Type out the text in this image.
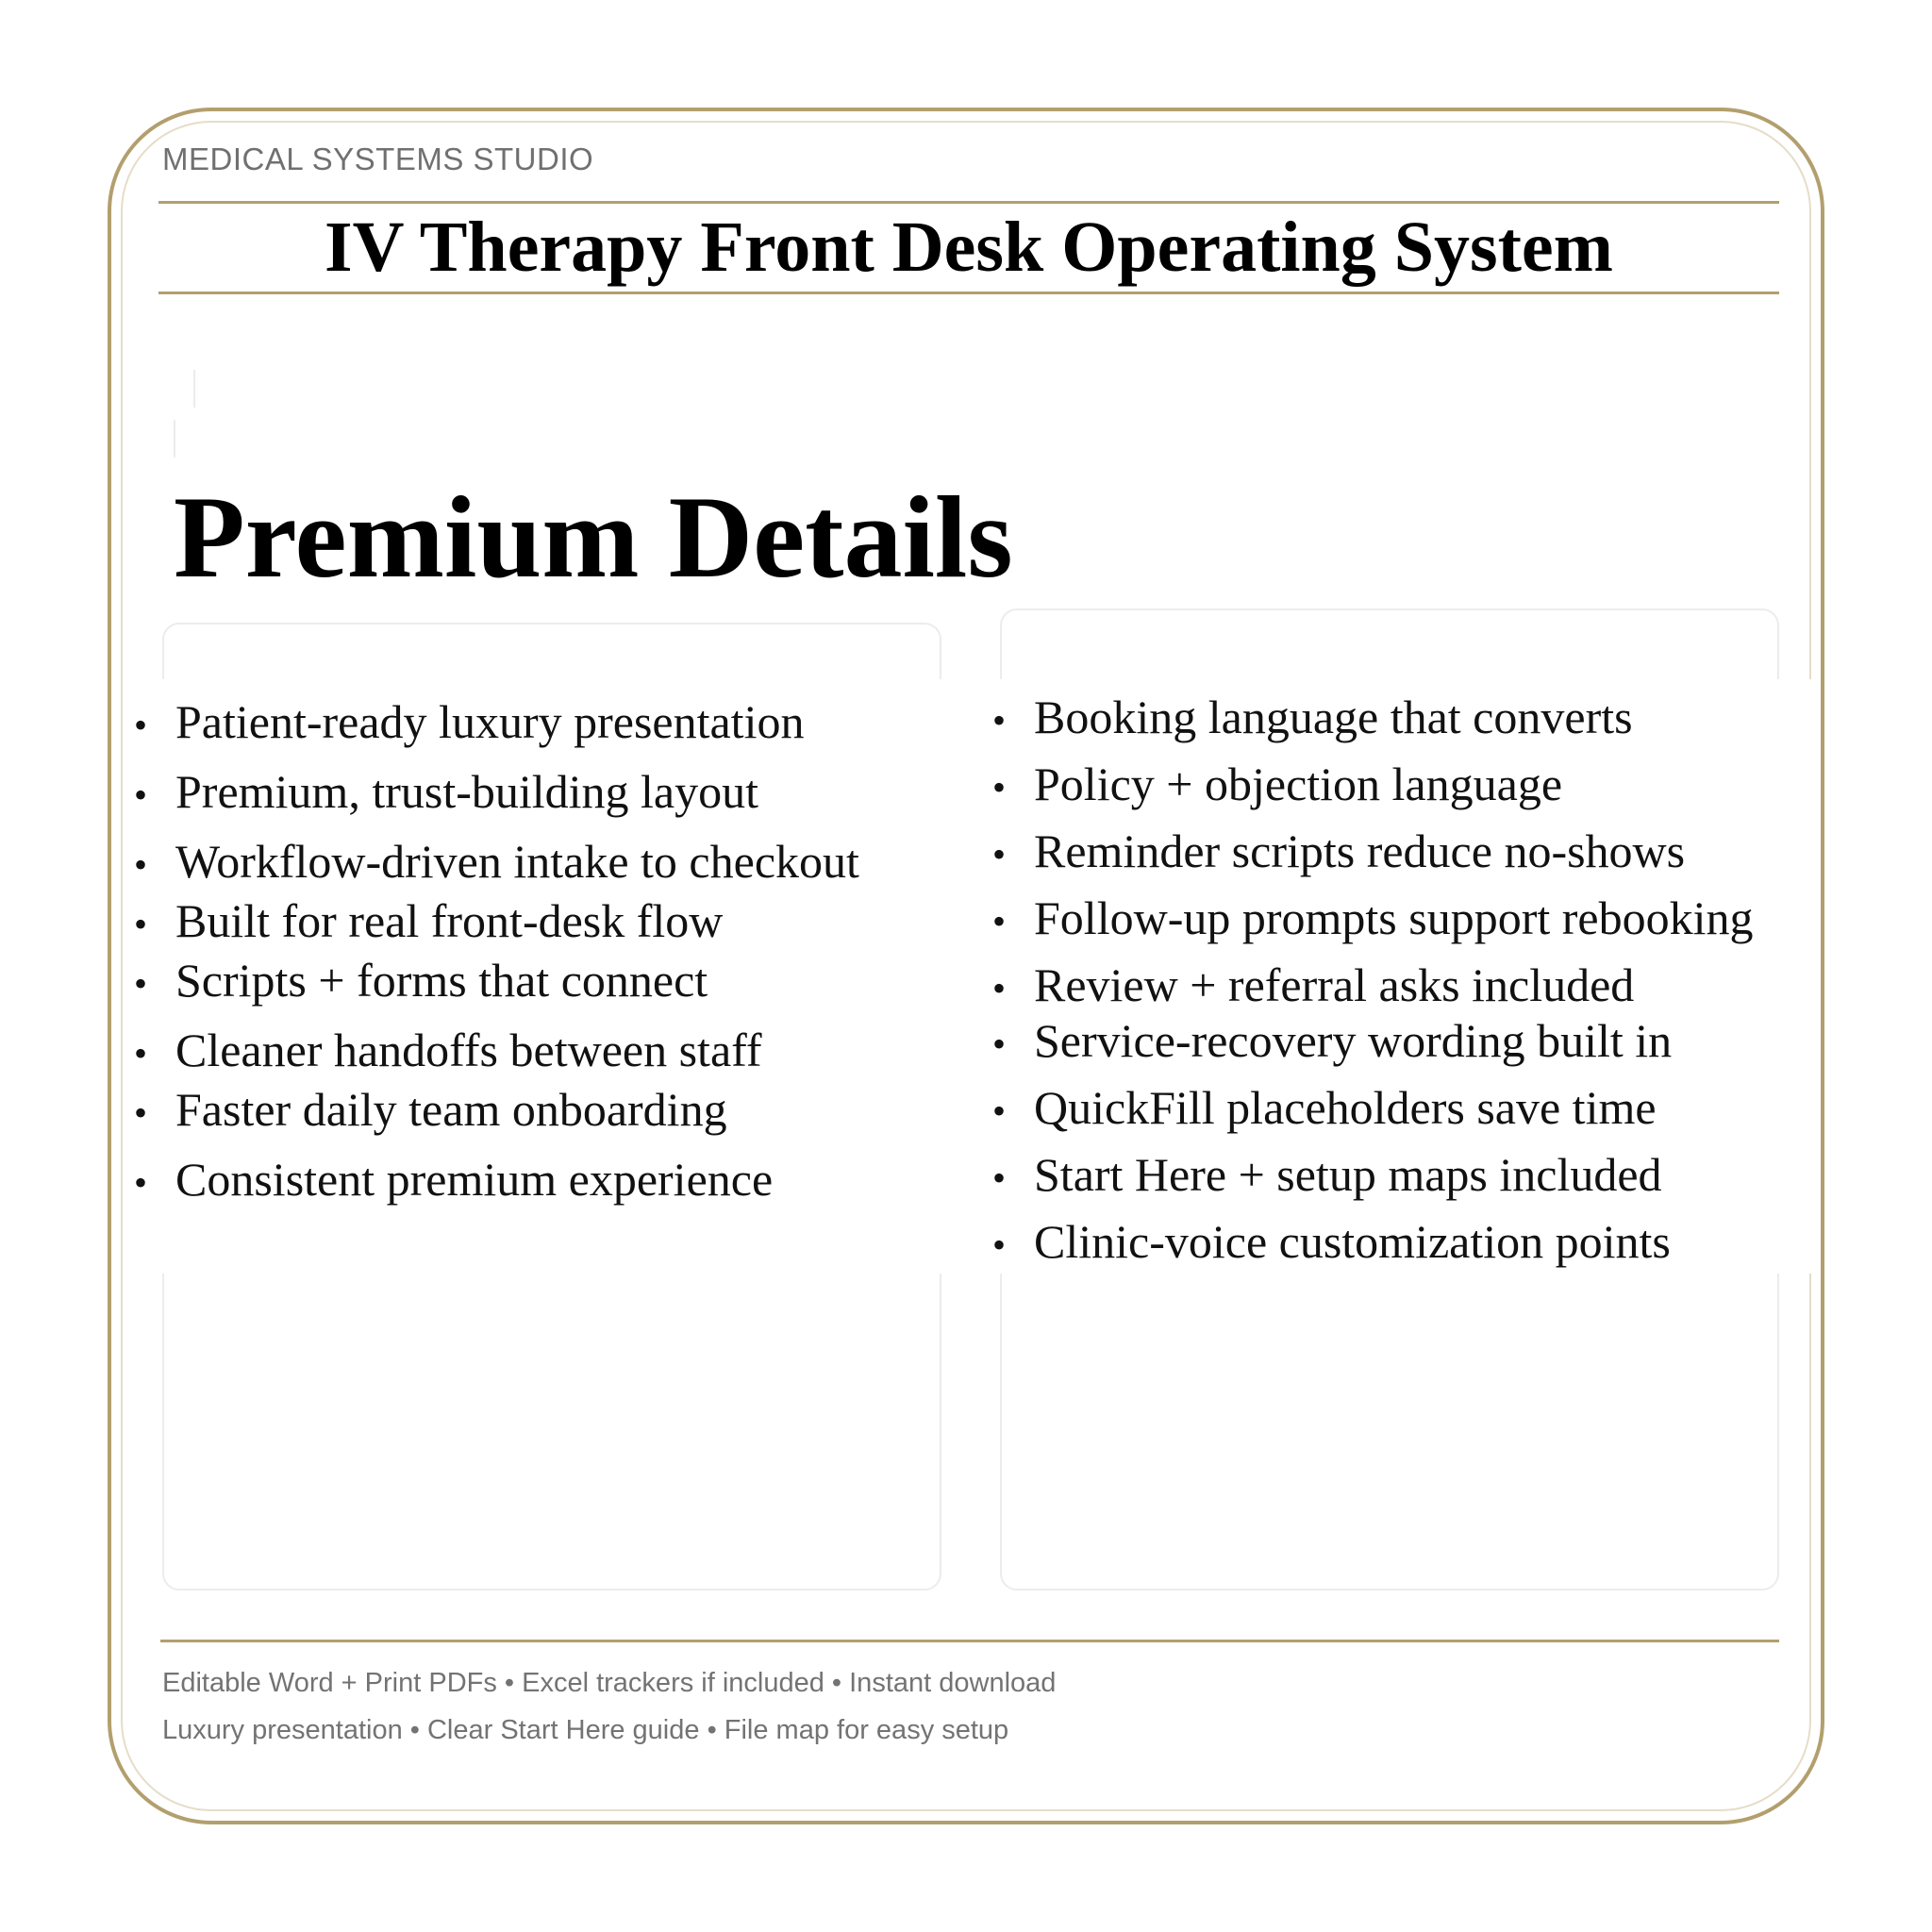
MEDICAL SYSTEMS STUDIO
IV Therapy Front Desk Operating System
Premium Details
• Patient-ready luxury presentation
• Premium, trust-building layout
• Workflow-driven intake to checkout
• Built for real front-desk flow
• Scripts + forms that connect
• Cleaner handoffs between staff
• Faster daily team onboarding
• Consistent premium experience
• Booking language that converts
• Policy + objection language
• Reminder scripts reduce no-shows
• Follow-up prompts support rebooking
• Review + referral asks included
• Service-recovery wording built in
• QuickFill placeholders save time
• Start Here + setup maps included
• Clinic-voice customization points
Editable Word + Print PDFs • Excel trackers if included • Instant download
Luxury presentation • Clear Start Here guide • File map for easy setup
